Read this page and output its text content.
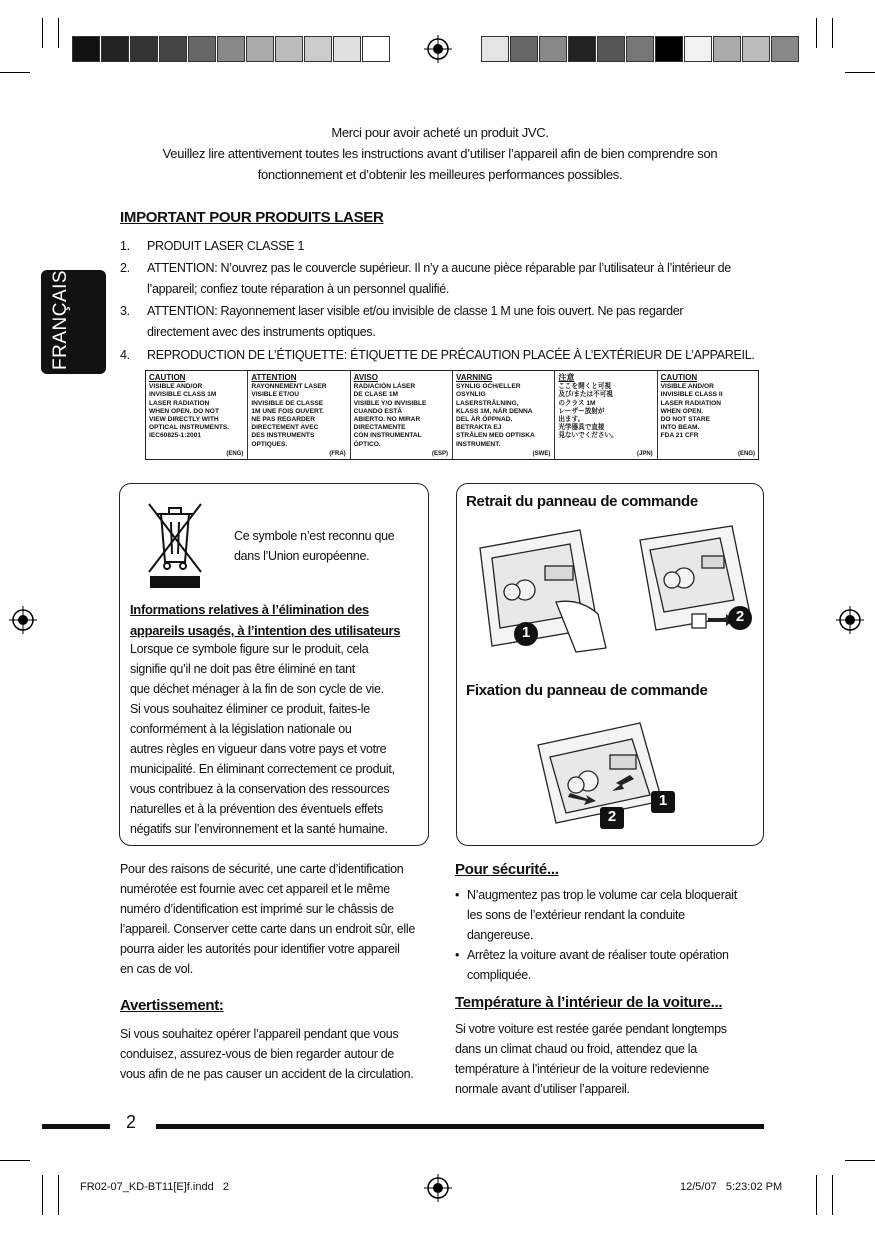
Merci pour avoir acheté un produit JVC.
Veuillez lire attentivement toutes les instructions avant d’utiliser l’appareil afin de bien comprendre son
fonctionnement et d’obtenir les meilleures performances possibles.
FRANÇAIS
IMPORTANT POUR PRODUITS LASER
1. PRODUIT LASER CLASSE 1
2. ATTENTION: N’ouvrez pas le couvercle supérieur. Il n’y a aucune pièce réparable par l’utilisateur à l’intérieur de
l’appareil; confiez toute réparation à un personnel qualifié.
3. ATTENTION: Rayonnement laser visible et/ou invisible de classe 1 M une fois ouvert. Ne pas regarder
directement avec des instruments optiques.
4. REPRODUCTION DE L’ÉTIQUETTE: ÉTIQUETTE DE PRÉCAUTION PLACÉE À L’EXTÉRIEUR DE L’APPAREIL.
CAUTION
VISIBLE AND/OR
INVISIBLE CLASS 1M
LASER RADIATION
WHEN OPEN. DO NOT
VIEW DIRECTLY WITH
OPTICAL INSTRUMENTS.
IEC60825-1:2001
(ENG)
ATTENTION
RAYONNEMENT LASER
VISIBLE ET/OU
INVISIBLE DE CLASSE
1M UNE FOIS OUVERT.
NE PAS REGARDER
DIRECTEMENT AVEC
DES INSTRUMENTS
OPTIQUES.
(FRA)
AVISO
RADIACIÓN LÁSER
DE CLASE 1M
VISIBLE Y/O INVISIBLE
CUANDO ESTÁ
ABIERTO. NO MIRAR
DIRECTAMENTE
CON INSTRUMENTAL
ÓPTICO.
(ESP)
VARNING
SYNLIG OCH/ELLER
OSYNLIG
LASERSTRÅLNING,
KLASS 1M, NÄR DENNA
DEL ÄR ÖPPNAD.
BETRAKTA EJ
STRÅLEN MED OPTISKA
INSTRUMENT.
(SWE)
注意
ここを開くと可視
及び/または不可視
のクラス 1M
レーザー放射が
出ます。
光学器具で直接
見ないでください。
(JPN)
CAUTION
VISIBLE AND/OR
INVISIBLE CLASS II
LASER RADIATION
WHEN OPEN.
DO NOT STARE
INTO BEAM.
FDA 21 CFR
(ENG)
Ce symbole n’est reconnu que
dans l’Union européenne.
Informations relatives à l’élimination des
appareils usagés, à l’intention des utilisateurs
Lorsque ce symbole figure sur le produit, cela
signifie qu’il ne doit pas être éliminé en tant
que déchet ménager à la fin de son cycle de vie.
Si vous souhaitez éliminer ce produit, faites-le
conformément à la législation nationale ou
autres règles en vigueur dans votre pays et votre
municipalité. En éliminant correctement ce produit,
vous contribuez à la conservation des ressources
naturelles et à la prévention des éventuels effets
négatifs sur l’environnement et la santé humaine.
Retrait du panneau de commande
1
2
Fixation du panneau de commande
2
1
Pour des raisons de sécurité, une carte d’identification
numérotée est fournie avec cet appareil et le même
numéro d’identification est imprimé sur le châssis de
l’appareil. Conserver cette carte dans un endroit sûr, elle
pourra aider les autorités pour identifier votre appareil
en cas de vol.
Avertissement:
Si vous souhaitez opérer l’appareil pendant que vous
conduisez, assurez-vous de bien regarder autour de
vous afin de ne pas causer un accident de la circulation.
Pour sécurité...
• N’augmentez pas trop le volume car cela bloquerait
les sons de l’extérieur rendant la conduite
dangereuse.
• Arrêtez la voiture avant de réaliser toute opération
compliquée.
Température à l’intérieur de la voiture...
Si votre voiture est restée garée pendant longtemps
dans un climat chaud ou froid, attendez que la
température à l’intérieur de la voiture redevienne
normale avant d’utiliser l’appareil.
2
FR02-07_KD-BT11[E]f.indd   2	12/5/07   5:23:02 PM
